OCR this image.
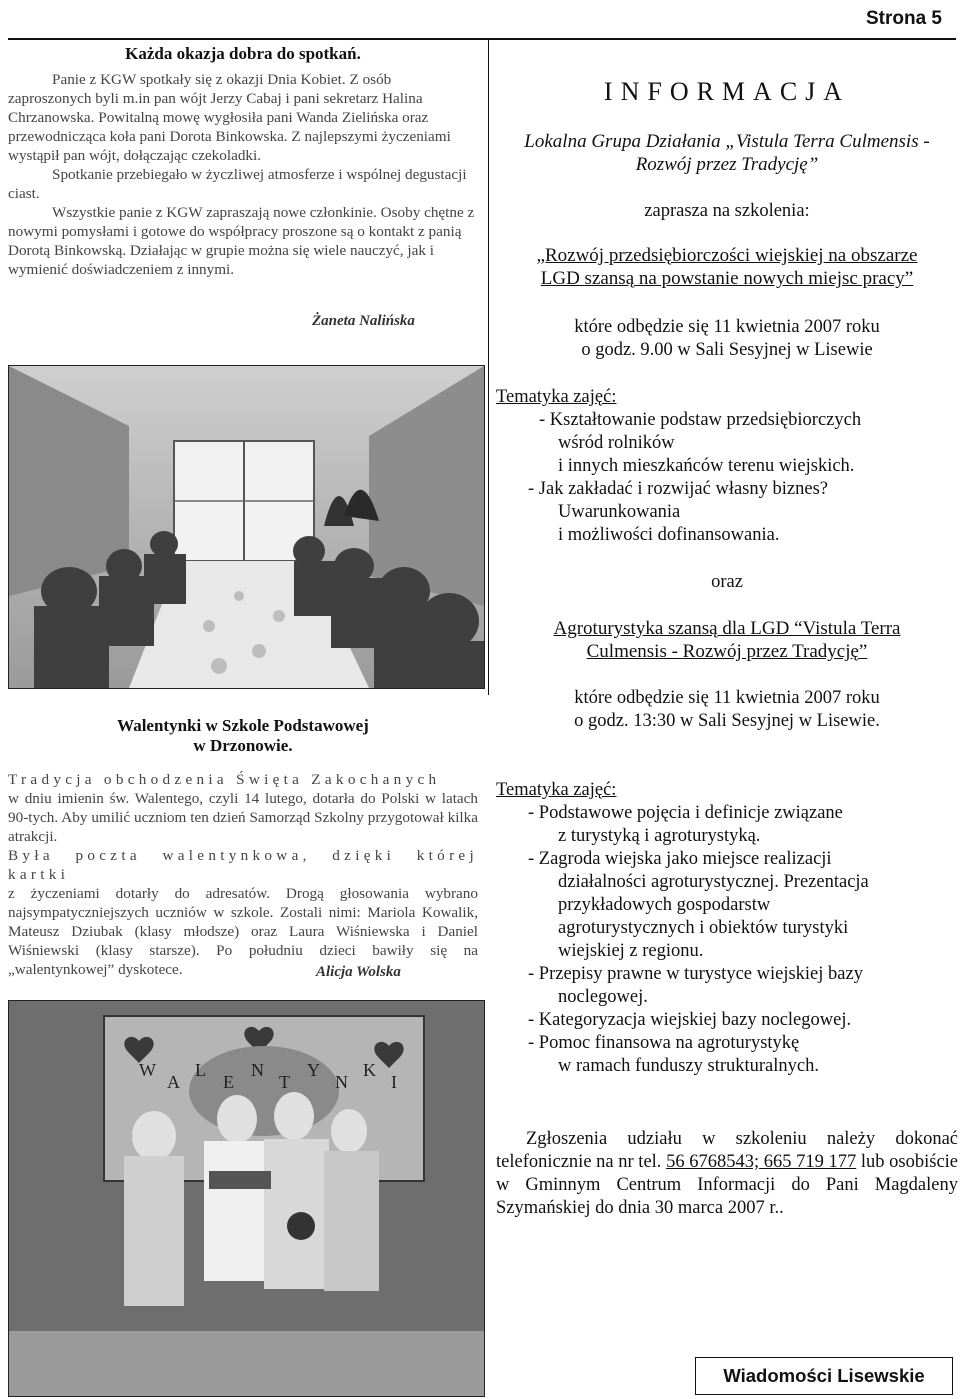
Strona 5
Każda okazja dobra do spotkań.

Panie z KGW spotkały się z okazji Dnia Kobiet. Z osób zaproszonych byli m.in pan wójt Jerzy Cabaj i pani sekretarz Halina Chrzanowska. Powitalną mowę wygłosiła pani Wanda Zielińska oraz przewodnicząca koła pani Dorota Binkowska. Z najlepszymi życzeniami wystąpił pan wójt, dołączając czekoladki.

Spotkanie przebiegało w życzliwej atmosferze i wspólnej degustacji ciast.

Wszystkie panie z KGW zapraszają nowe członkinie. Osoby chętne z nowymi pomysłami i gotowe do współpracy proszone są o kontakt z panią Dorotą Binkowską. Działając w grupie można się wiele nauczyć, jak i wymienić doświadczeniem z innymi.

Żaneta Nalińska
Walentynki w Szkole Podstawowej
w Drzonowie.

Tradycja obchodzenia Święta Zakochanych

w dniu imienin św. Walentego, czyli 14 lutego, dotarła do Polski w latach 90-tych. Aby umilić uczniom ten dzień Samorząd Szkolny przygotował kilka atrakcji.

Była poczta walentynkowa, dzięki której kartki

z życzeniami dotarły do adresatów. Drogą głosowania wybrano najsympatyczniejszych uczniów w szkole. Zostali nimi: Mariola Kowalik, Mateusz Dziubak (klasy młodsze) oraz Laura Wiśniewska i Daniel Wiśniewski (klasy starsze). Po południu dzieci bawiły się na „walentynkowej” dyskotece.	Alicja Wolska
W
A
L
E
N
T
Y
N
K
I
INFORMACJA
Lokalna Grupa Działania „Vistula Terra Culmensis -
Rozwój przez Tradycję”
zaprasza na szkolenia:
„Rozwój przedsiębiorczości wiejskiej na obszarze
LGD szansą na powstanie nowych miejsc pracy”
które odbędzie się 11 kwietnia 2007 roku
o godz. 9.00 w Sali Sesyjnej w Lisewie
Tematyka zajęć:
- Kształtowanie podstaw przedsiębiorczych
wśród rolników
i innych mieszkańców terenu wiejskich.
- Jak zakładać i rozwijać własny biznes?
Uwarunkowania
i możliwości dofinansowania.
oraz
Agroturystyka szansą dla LGD “Vistula Terra
Culmensis - Rozwój przez Tradycję”
które odbędzie się 11 kwietnia 2007 roku
o godz. 13:30 w Sali Sesyjnej w Lisewie.
Tematyka zajęć:
- Podstawowe pojęcia i definicje związane
z turystyką i agroturystyką.
- Zagroda wiejska jako miejsce realizacji
działalności agroturystycznej. Prezentacja
przykładowych gospodarstw
agroturystycznych i obiektów turystyki
wiejskiej z regionu.
- Przepisy prawne w turystyce wiejskiej bazy
noclegowej.
- Kategoryzacja wiejskiej bazy noclegowej.
- Pomoc finansowa na agroturystykę
w ramach funduszy strukturalnych.
Zgłoszenia udziału w szkoleniu należy dokonać telefonicznie na nr tel. 56 6768543; 665 719 177 lub osobiście w Gminnym Centrum Informacji do Pani Magdaleny Szymańskiej do dnia 30 marca 2007 r..
Wiadomości Lisewskie
